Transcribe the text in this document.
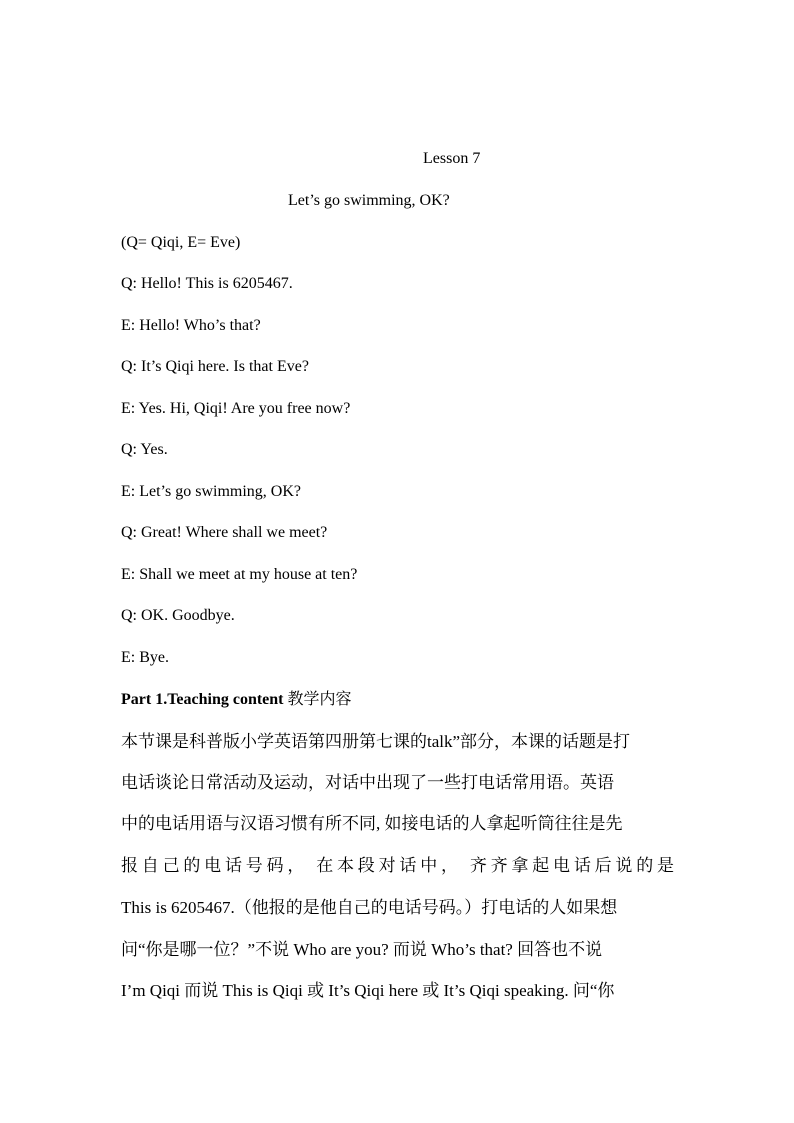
Lesson 7
Let’s go swimming, OK?
(Q= Qiqi, E= Eve)
Q: Hello! This is 6205467.
E: Hello! Who’s that?
Q: It’s Qiqi here. Is that Eve?
E: Yes. Hi, Qiqi! Are you free now?
Q: Yes.
E: Let’s go swimming, OK?
Q: Great! Where shall we meet?
E: Shall we meet at my house at ten?
Q: OK. Goodbye.
E: Bye.
Part 1.Teaching content 教学内容
本节课是科普版小学英语第四册第七课的talk”部分，本课的话题是打
电话谈论日常活动及运动，对话中出现了一些打电话常用语。英语
中的电话用语与汉语习惯有所不同, 如接电话的人拿起听筒往往是先
报自己的电话号码， 在本段对话中， 齐齐拿起电话后说的是
This is 6205467.（他报的是他自己的电话号码。）打电话的人如果想
问“你是哪一位？”不说 Who are you? 而说 Who’s that? 回答也不说
I’m Qiqi 而说 This is Qiqi 或 It’s Qiqi here 或 It’s Qiqi speaking. 问“你
